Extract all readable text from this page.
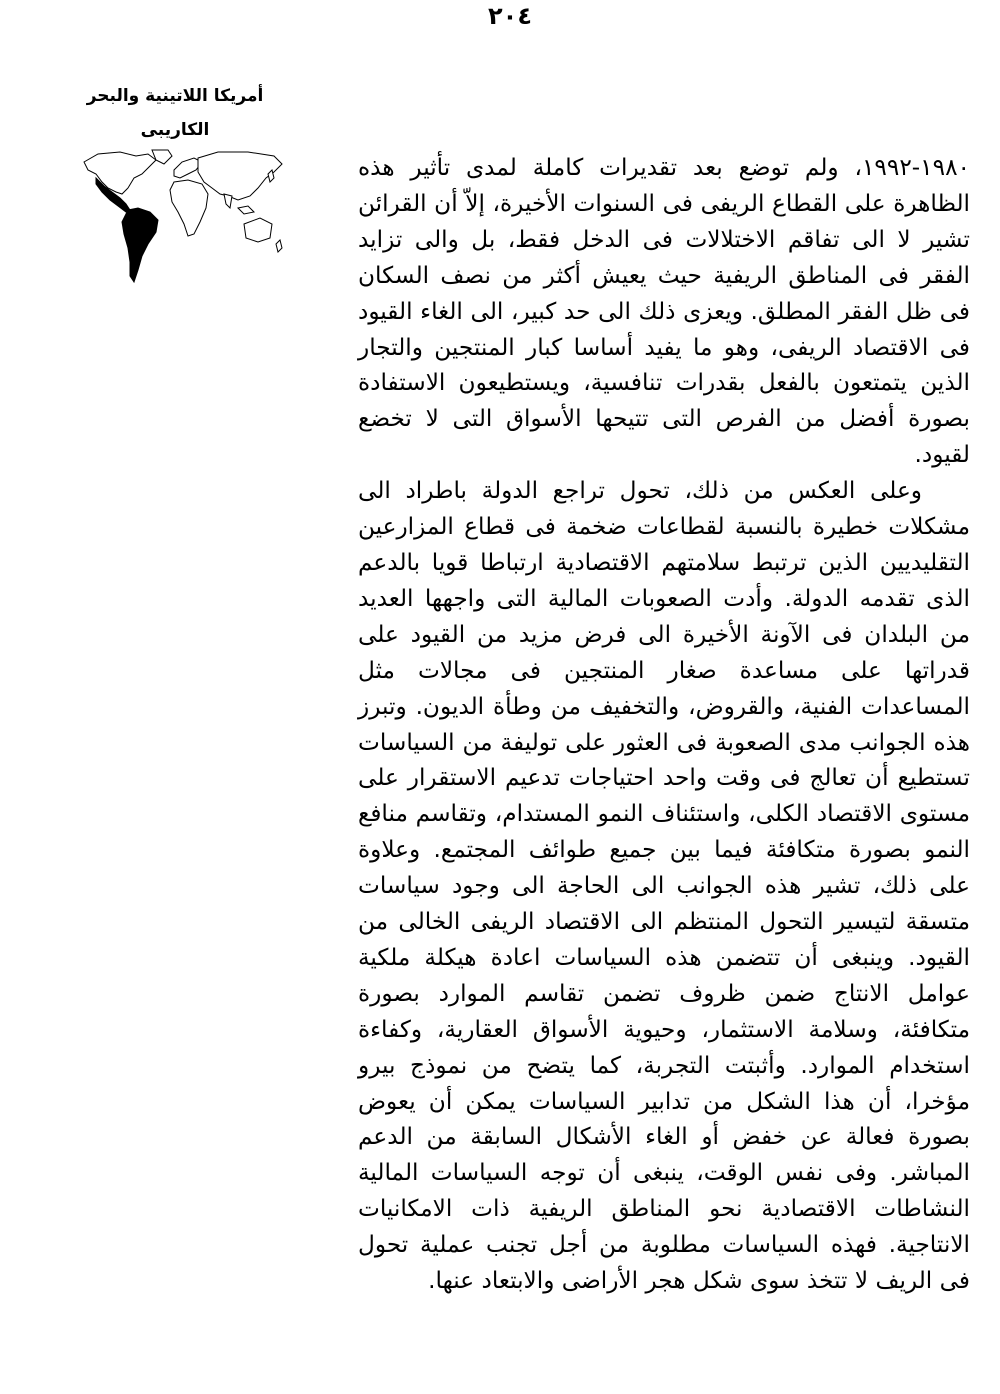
٢٠٤
أمريكا اللاتينية والبحر
الكاريبى

١٩٨٠-١٩٩٢، ولم توضع بعد تقديرات كاملة لمدى تأثير هذه الظاهرة على القطاع الريفى فى السنوات الأخيرة، إلاّ أن القرائن تشير لا الى تفاقم الاختلالات فى الدخل فقط، بل والى تزايد الفقر فى المناطق الريفية حيث يعيش أكثر من نصف السكان فى ظل الفقر المطلق. ويعزى ذلك الى حد كبير، الى الغاء القيود فى الاقتصاد الريفى، وهو ما يفيد أساسا كبار المنتجين والتجار الذين يتمتعون بالفعل بقدرات تنافسية، ويستطيعون الاستفادة بصورة أفضل من الفرص التى تتيحها الأسواق التى لا تخضع لقيود.

وعلى العكس من ذلك، تحول تراجع الدولة باطراد الى مشكلات خطيرة بالنسبة لقطاعات ضخمة فى قطاع المزارعين التقليديين الذين ترتبط سلامتهم الاقتصادية ارتباطا قويا بالدعم الذى تقدمه الدولة. وأدت الصعوبات المالية التى واجهها العديد من البلدان فى الآونة الأخيرة الى فرض مزيد من القيود على قدراتها على مساعدة صغار المنتجين فى مجالات مثل المساعدات الفنية، والقروض، والتخفيف من وطأة الديون. وتبرز هذه الجوانب مدى الصعوبة فى العثور على توليفة من السياسات تستطيع أن تعالج فى وقت واحد احتياجات تدعيم الاستقرار على مستوى الاقتصاد الكلى، واستئناف النمو المستدام، وتقاسم منافع النمو بصورة متكافئة فيما بين جميع طوائف المجتمع. وعلاوة على ذلك، تشير هذه الجوانب الى الحاجة الى وجود سياسات متسقة لتيسير التحول المنتظم الى الاقتصاد الريفى الخالى من القيود. وينبغى أن تتضمن هذه السياسات اعادة هيكلة ملكية عوامل الانتاج ضمن ظروف تضمن تقاسم الموارد بصورة متكافئة، وسلامة الاستثمار، وحيوية الأسواق العقارية، وكفاءة استخدام الموارد. وأثبتت التجربة، كما يتضح من نموذج بيرو مؤخرا، أن هذا الشكل من تدابير السياسات يمكن أن يعوض بصورة فعالة عن خفض أو الغاء الأشكال السابقة من الدعم المباشر. وفى نفس الوقت، ينبغى أن توجه السياسات المالية النشاطات الاقتصادية نحو المناطق الريفية ذات الامكانيات الانتاجية. فهذه السياسات مطلوبة من أجل تجنب عملية تحول فى الريف لا تتخذ سوى شكل هجر الأراضى والابتعاد عنها.
